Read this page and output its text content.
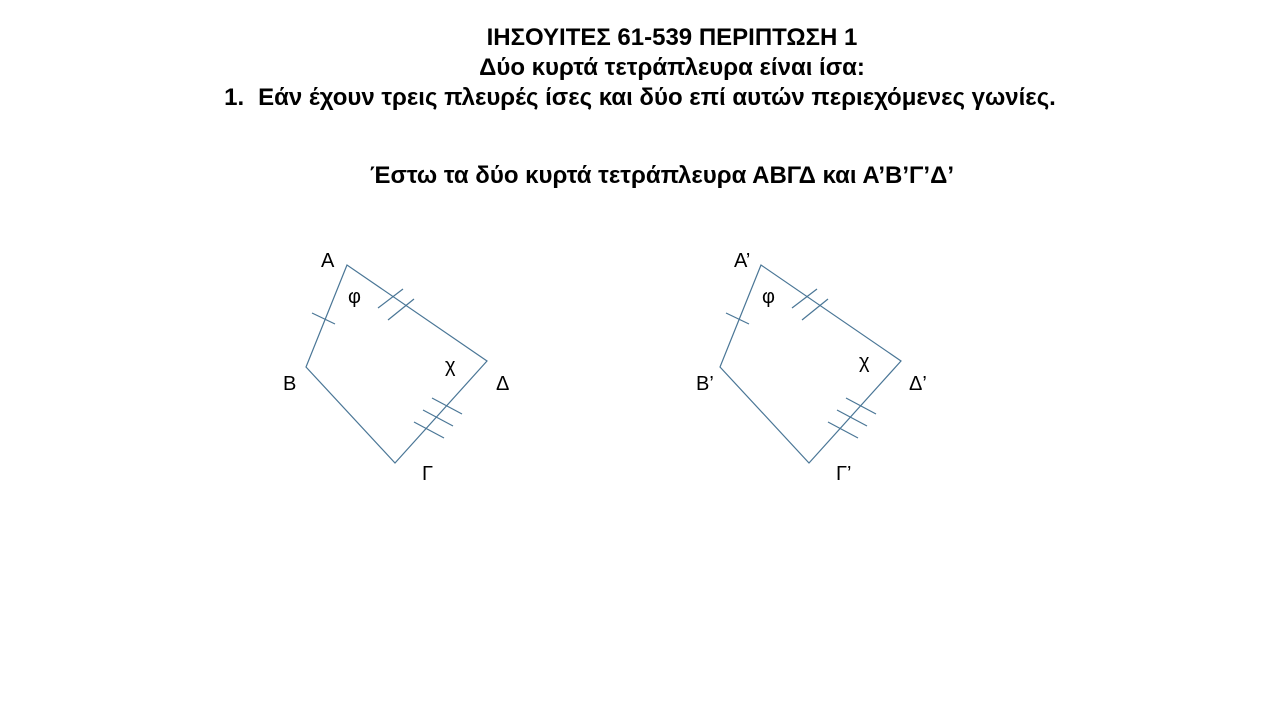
ΙΗΣΟΥΙΤΕΣ 61-539 ΠΕΡΙΠΤΩΣΗ 1
Δύο κυρτά τετράπλευρα είναι ίσα:
1. Εάν έχουν τρεις πλευρές ίσες και δύο επί αυτών περιεχόμενες γωνίες.
Έστω τα δύο κυρτά τετράπλευρα ΑΒΓΔ και Α’Β’Γ’Δ’
Α
Β
Γ
Δ
φ
χ
Α’
Β’
Γ’
Δ’
φ
χ
